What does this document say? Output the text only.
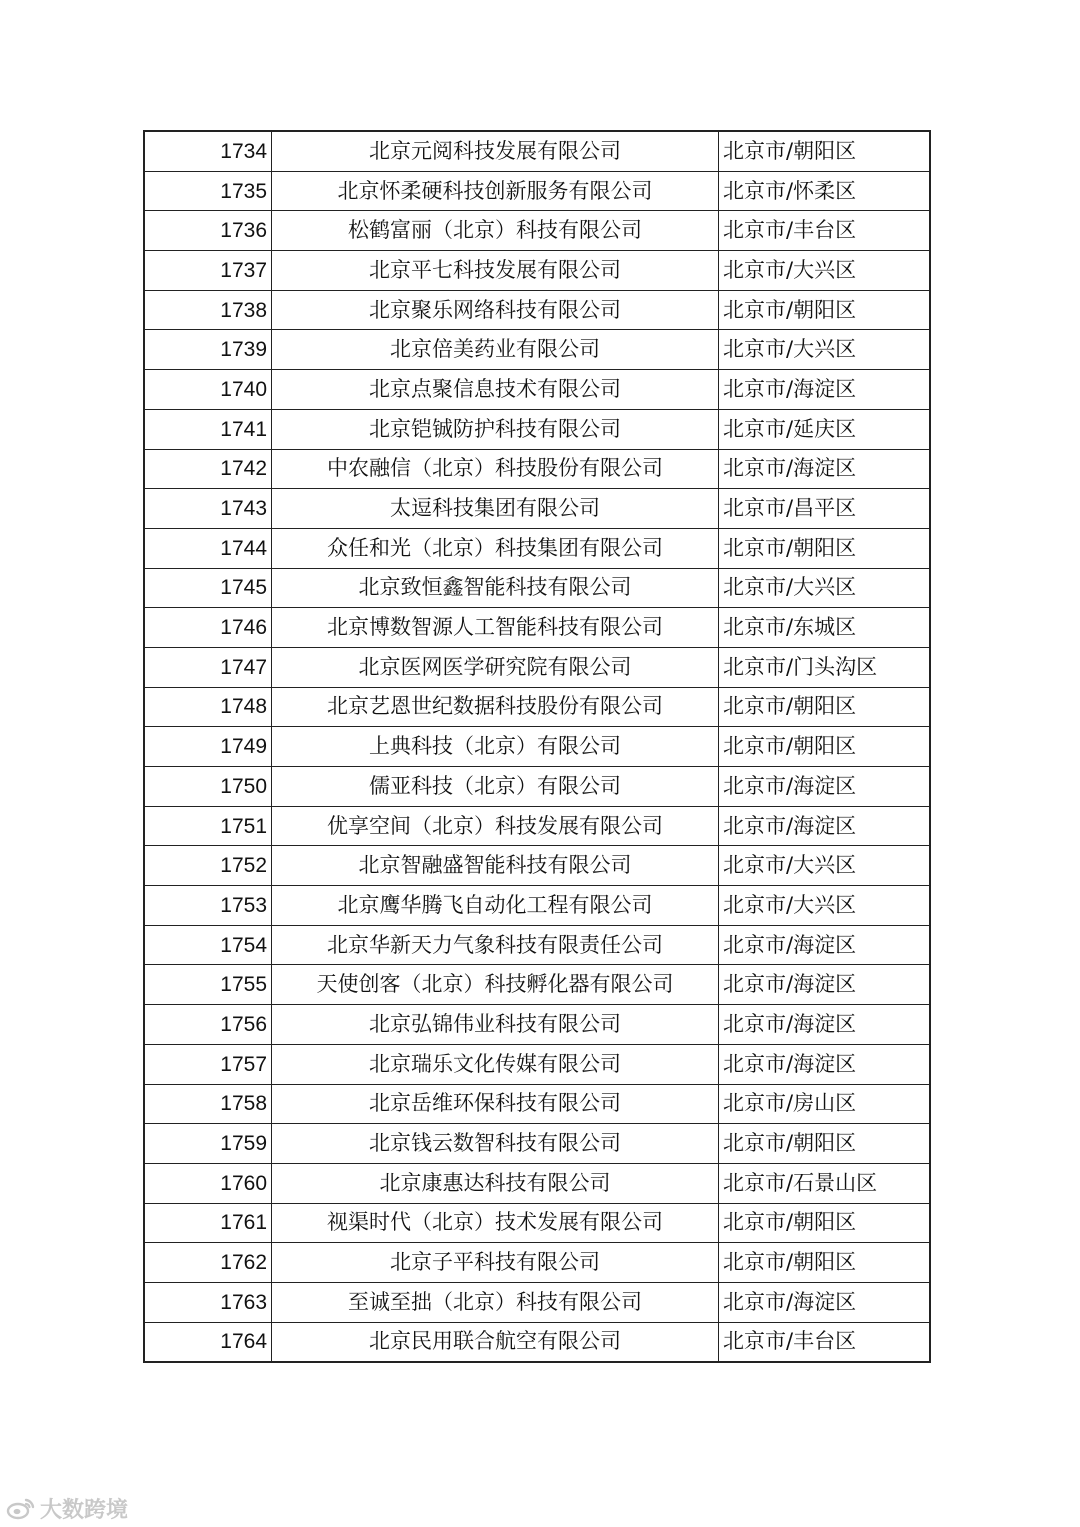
1734	北京元阅科技发展有限公司	北京市/朝阳区
1735	北京怀柔硬科技创新服务有限公司	北京市/怀柔区
1736	松鹤富丽（北京）科技有限公司	北京市/丰台区
1737	北京平七科技发展有限公司	北京市/大兴区
1738	北京聚乐网络科技有限公司	北京市/朝阳区
1739	北京倍美药业有限公司	北京市/大兴区
1740	北京点聚信息技术有限公司	北京市/海淀区
1741	北京铠铖防护科技有限公司	北京市/延庆区
1742	中农融信（北京）科技股份有限公司	北京市/海淀区
1743	太逗科技集团有限公司	北京市/昌平区
1744	众任和光（北京）科技集团有限公司	北京市/朝阳区
1745	北京致恒鑫智能科技有限公司	北京市/大兴区
1746	北京博数智源人工智能科技有限公司	北京市/东城区
1747	北京医网医学研究院有限公司	北京市/门头沟区
1748	北京艺恩世纪数据科技股份有限公司	北京市/朝阳区
1749	上典科技（北京）有限公司	北京市/朝阳区
1750	儒亚科技（北京）有限公司	北京市/海淀区
1751	优享空间（北京）科技发展有限公司	北京市/海淀区
1752	北京智融盛智能科技有限公司	北京市/大兴区
1753	北京鹰华腾飞自动化工程有限公司	北京市/大兴区
1754	北京华新天力气象科技有限责任公司	北京市/海淀区
1755	天使创客（北京）科技孵化器有限公司	北京市/海淀区
1756	北京弘锦伟业科技有限公司	北京市/海淀区
1757	北京瑞乐文化传媒有限公司	北京市/海淀区
1758	北京岳维环保科技有限公司	北京市/房山区
1759	北京钱云数智科技有限公司	北京市/朝阳区
1760	北京康惠达科技有限公司	北京市/石景山区
1761	视渠时代（北京）技术发展有限公司	北京市/朝阳区
1762	北京子平科技有限公司	北京市/朝阳区
1763	至诚至拙（北京）科技有限公司	北京市/海淀区
1764	北京民用联合航空有限公司	北京市/丰台区
大数跨境
